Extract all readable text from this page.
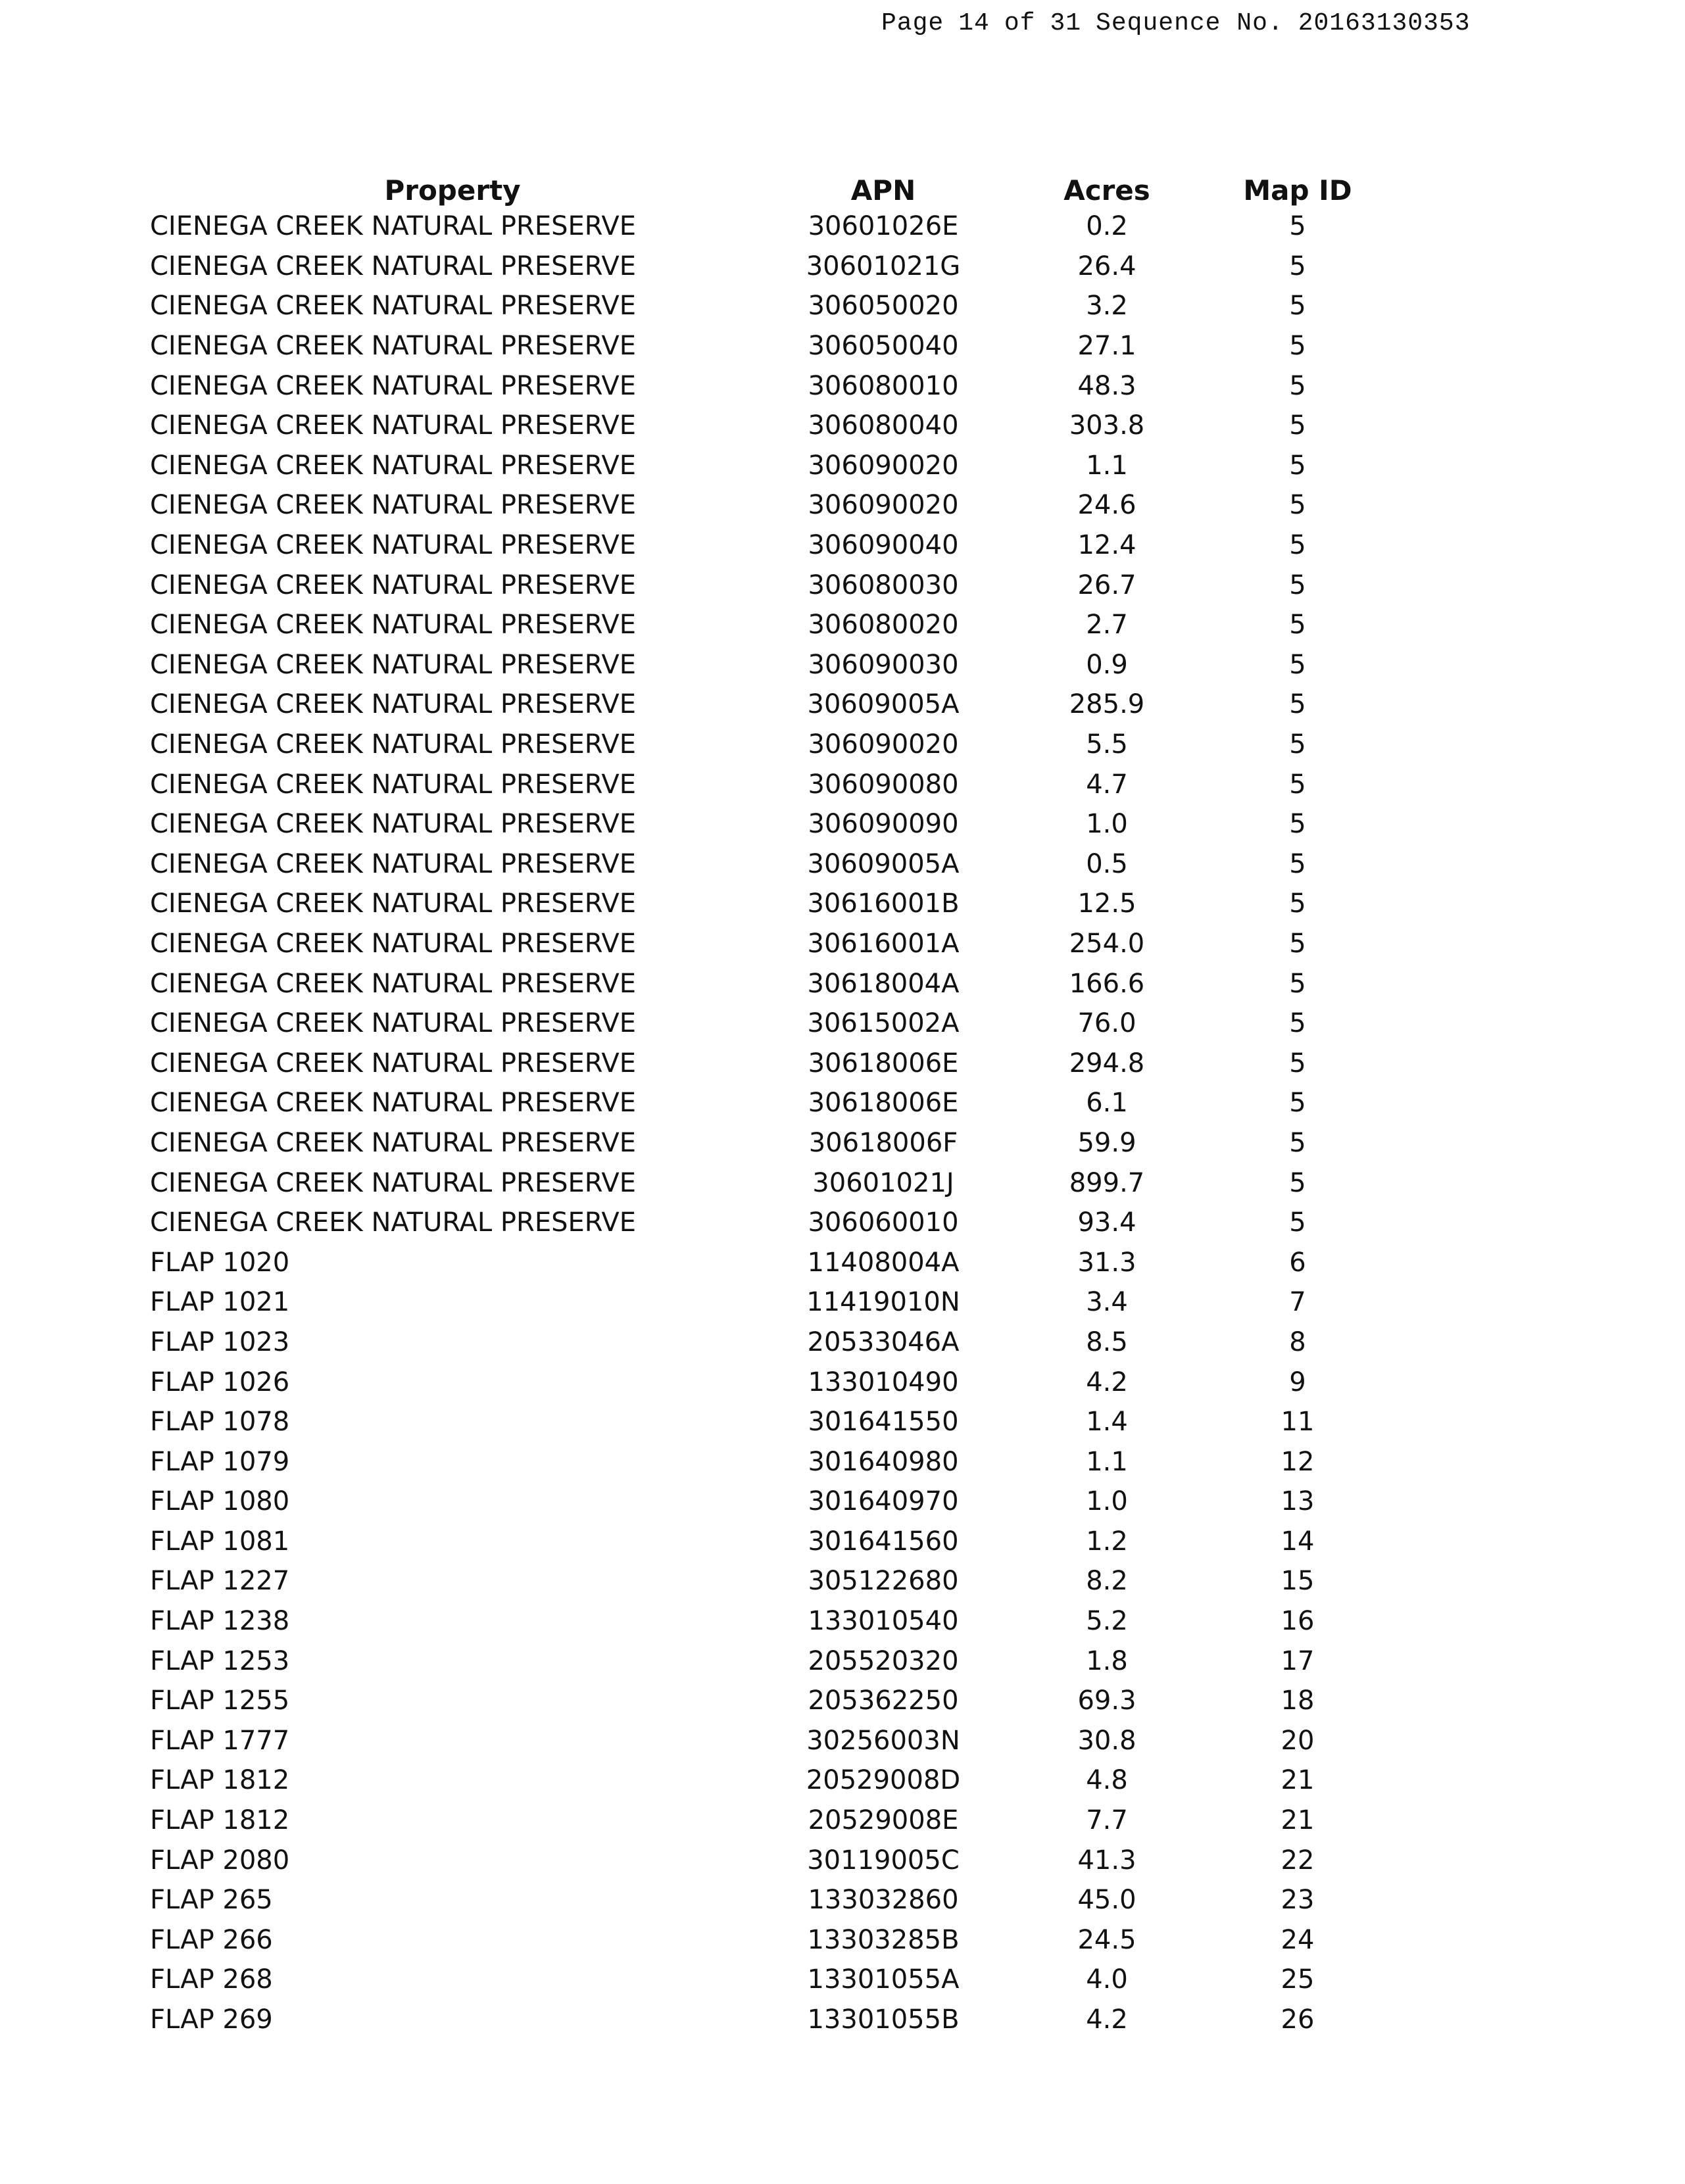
Page 14 of 31 Sequence No. 20163130353
Property	APN	Acres	Map ID
CIENEGA CREEK NATURAL PRESERVE	30601026E	0.2	5
CIENEGA CREEK NATURAL PRESERVE	30601021G	26.4	5
CIENEGA CREEK NATURAL PRESERVE	306050020	3.2	5
CIENEGA CREEK NATURAL PRESERVE	306050040	27.1	5
CIENEGA CREEK NATURAL PRESERVE	306080010	48.3	5
CIENEGA CREEK NATURAL PRESERVE	306080040	303.8	5
CIENEGA CREEK NATURAL PRESERVE	306090020	1.1	5
CIENEGA CREEK NATURAL PRESERVE	306090020	24.6	5
CIENEGA CREEK NATURAL PRESERVE	306090040	12.4	5
CIENEGA CREEK NATURAL PRESERVE	306080030	26.7	5
CIENEGA CREEK NATURAL PRESERVE	306080020	2.7	5
CIENEGA CREEK NATURAL PRESERVE	306090030	0.9	5
CIENEGA CREEK NATURAL PRESERVE	30609005A	285.9	5
CIENEGA CREEK NATURAL PRESERVE	306090020	5.5	5
CIENEGA CREEK NATURAL PRESERVE	306090080	4.7	5
CIENEGA CREEK NATURAL PRESERVE	306090090	1.0	5
CIENEGA CREEK NATURAL PRESERVE	30609005A	0.5	5
CIENEGA CREEK NATURAL PRESERVE	30616001B	12.5	5
CIENEGA CREEK NATURAL PRESERVE	30616001A	254.0	5
CIENEGA CREEK NATURAL PRESERVE	30618004A	166.6	5
CIENEGA CREEK NATURAL PRESERVE	30615002A	76.0	5
CIENEGA CREEK NATURAL PRESERVE	30618006E	294.8	5
CIENEGA CREEK NATURAL PRESERVE	30618006E	6.1	5
CIENEGA CREEK NATURAL PRESERVE	30618006F	59.9	5
CIENEGA CREEK NATURAL PRESERVE	30601021J	899.7	5
CIENEGA CREEK NATURAL PRESERVE	306060010	93.4	5
FLAP 1020	11408004A	31.3	6
FLAP 1021	11419010N	3.4	7
FLAP 1023	20533046A	8.5	8
FLAP 1026	133010490	4.2	9
FLAP 1078	301641550	1.4	11
FLAP 1079	301640980	1.1	12
FLAP 1080	301640970	1.0	13
FLAP 1081	301641560	1.2	14
FLAP 1227	305122680	8.2	15
FLAP 1238	133010540	5.2	16
FLAP 1253	205520320	1.8	17
FLAP 1255	205362250	69.3	18
FLAP 1777	30256003N	30.8	20
FLAP 1812	20529008D	4.8	21
FLAP 1812	20529008E	7.7	21
FLAP 2080	30119005C	41.3	22
FLAP 265	133032860	45.0	23
FLAP 266	13303285B	24.5	24
FLAP 268	13301055A	4.0	25
FLAP 269	13301055B	4.2	26
